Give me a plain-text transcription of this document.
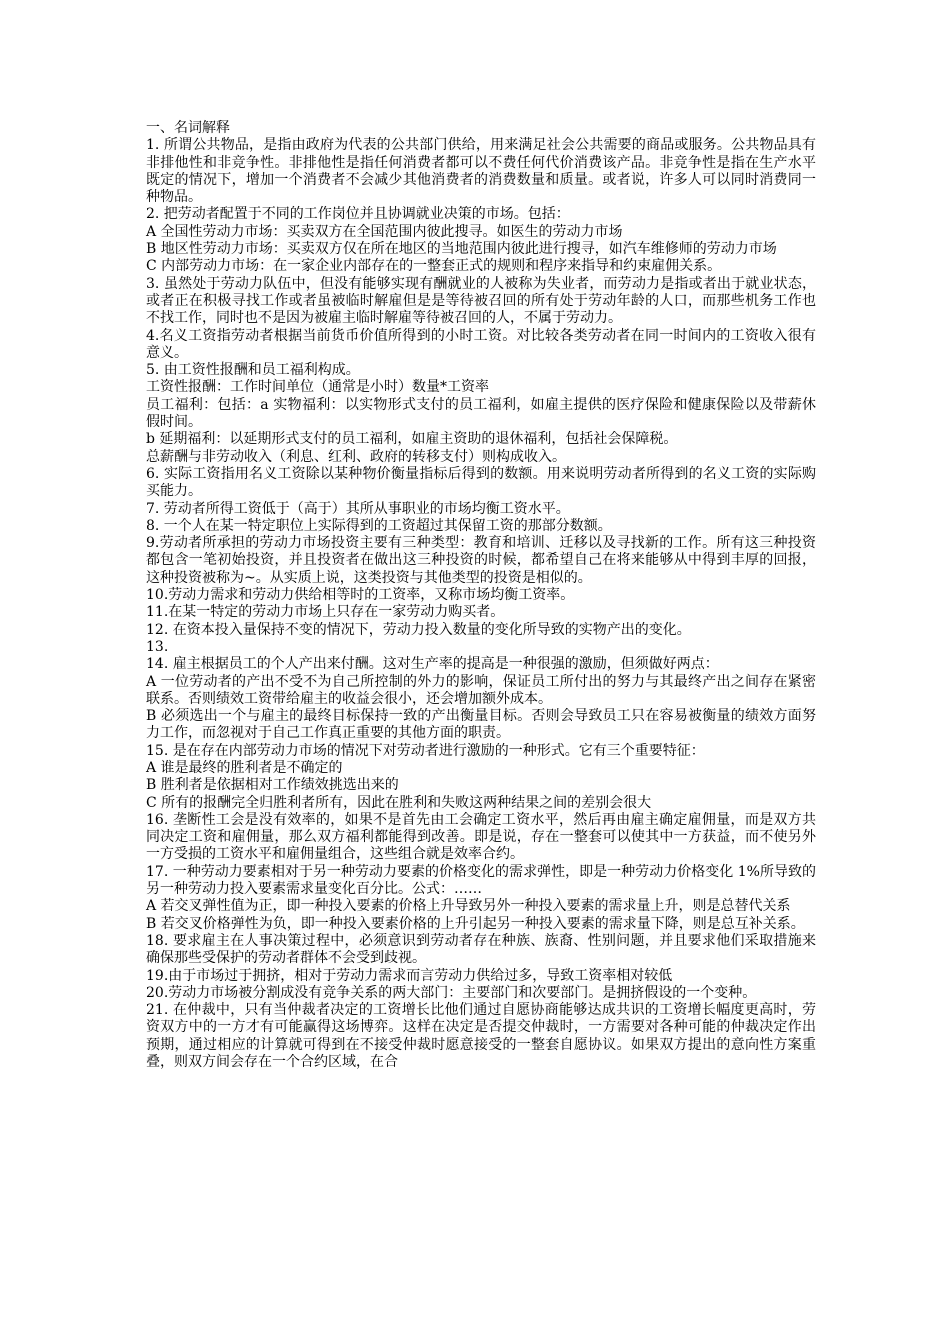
一、名词解释

1. 所谓公共物品，是指由政府为代表的公共部门供给，用来满足社会公共需要的商品或服务。公共物品具有非排他性和非竞争性。非排他性是指任何消费者都可以不费任何代价消费该产品。非竞争性是指在生产水平既定的情况下，增加一个消费者不会减少其他消费者的消费数量和质量。或者说，许多人可以同时消费同一种物品。

2. 把劳动者配置于不同的工作岗位并且协调就业决策的市场。包括：

A 全国性劳动力市场：买卖双方在全国范围内彼此搜寻。如医生的劳动力市场

B 地区性劳动力市场：买卖双方仅在所在地区的当地范围内彼此进行搜寻，如汽车维修师的劳动力市场

C 内部劳动力市场：在一家企业内部存在的一整套正式的规则和程序来指导和约束雇佣关系。

3. 虽然处于劳动力队伍中，但没有能够实现有酬就业的人被称为失业者，而劳动力是指或者出于就业状态，或者正在积极寻找工作或者虽被临时解雇但是是等待被召回的所有处于劳动年龄的人口，而那些机务工作也不找工作，同时也不是因为被雇主临时解雇等待被召回的人，不属于劳动力。

4.名义工资指劳动者根据当前货币价值所得到的小时工资。对比较各类劳动者在同一时间内的工资收入很有意义。

5. 由工资性报酬和员工福利构成。

工资性报酬：工作时间单位（通常是小时）数量*工资率

员工福利：包括：a 实物福利：以实物形式支付的员工福利，如雇主提供的医疗保险和健康保险以及带薪休假时间。

b 延期福利：以延期形式支付的员工福利，如雇主资助的退休福利，包括社会保障税。

总薪酬与非劳动收入（利息、红利、政府的转移支付）则构成收入。

6. 实际工资指用名义工资除以某种物价衡量指标后得到的数额。用来说明劳动者所得到的名义工资的实际购买能力。

7. 劳动者所得工资低于（高于）其所从事职业的市场均衡工资水平。

8. 一个人在某一特定职位上实际得到的工资超过其保留工资的那部分数额。

9.劳动者所承担的劳动力市场投资主要有三种类型：教育和培训、迁移以及寻找新的工作。所有这三种投资都包含一笔初始投资，并且投资者在做出这三种投资的时候，都希望自己在将来能够从中得到丰厚的回报，这种投资被称为~。从实质上说，这类投资与其他类型的投资是相似的。

10.劳动力需求和劳动力供给相等时的工资率，又称市场均衡工资率。

11.在某一特定的劳动力市场上只存在一家劳动力购买者。

12. 在资本投入量保持不变的情况下，劳动力投入数量的变化所导致的实物产出的变化。

13.

14. 雇主根据员工的个人产出来付酬。这对生产率的提高是一种很强的激励，但须做好两点：

A 一位劳动者的产出不受不为自己所控制的外力的影响，保证员工所付出的努力与其最终产出之间存在紧密联系。否则绩效工资带给雇主的收益会很小，还会增加额外成本。

B 必须选出一个与雇主的最终目标保持一致的产出衡量目标。否则会导致员工只在容易被衡量的绩效方面努力工作，而忽视对于自己工作真正重要的其他方面的职责。

15. 是在存在内部劳动力市场的情况下对劳动者进行激励的一种形式。它有三个重要特征：

A 谁是最终的胜利者是不确定的

B 胜利者是依据相对工作绩效挑选出来的

C 所有的报酬完全归胜利者所有，因此在胜利和失败这两种结果之间的差别会很大

16. 垄断性工会是没有效率的，如果不是首先由工会确定工资水平，然后再由雇主确定雇佣量，而是双方共同决定工资和雇佣量，那么双方福利都能得到改善。即是说，存在一整套可以使其中一方获益，而不使另外一方受损的工资水平和雇佣量组合，这些组合就是效率合约。

17. 一种劳动力要素相对于另一种劳动力要素的价格变化的需求弹性，即是一种劳动力价格变化 1%所导致的另一种劳动力投入要素需求量变化百分比。公式：……

A 若交叉弹性值为正，即一种投入要素的价格上升导致另外一种投入要素的需求量上升，则是总替代关系

B 若交叉价格弹性为负，即一种投入要素价格的上升引起另一种投入要素的需求量下降，则是总互补关系。

18. 要求雇主在人事决策过程中，必须意识到劳动者存在种族、族裔、性别问题，并且要求他们采取措施来确保那些受保护的劳动者群体不会受到歧视。

19.由于市场过于拥挤，相对于劳动力需求而言劳动力供给过多，导致工资率相对较低

20.劳动力市场被分割成没有竞争关系的两大部门：主要部门和次要部门。是拥挤假设的一个变种。

21. 在仲裁中，只有当仲裁者决定的工资增长比他们通过自愿协商能够达成共识的工资增长幅度更高时，劳资双方中的一方才有可能赢得这场博弈。这样在决定是否提交仲裁时，一方需要对各种可能的仲裁决定作出预期，通过相应的计算就可得到在不接受仲裁时愿意接受的一整套自愿协议。如果双方提出的意向性方案重叠，则双方间会存在一个合约区域，在合
